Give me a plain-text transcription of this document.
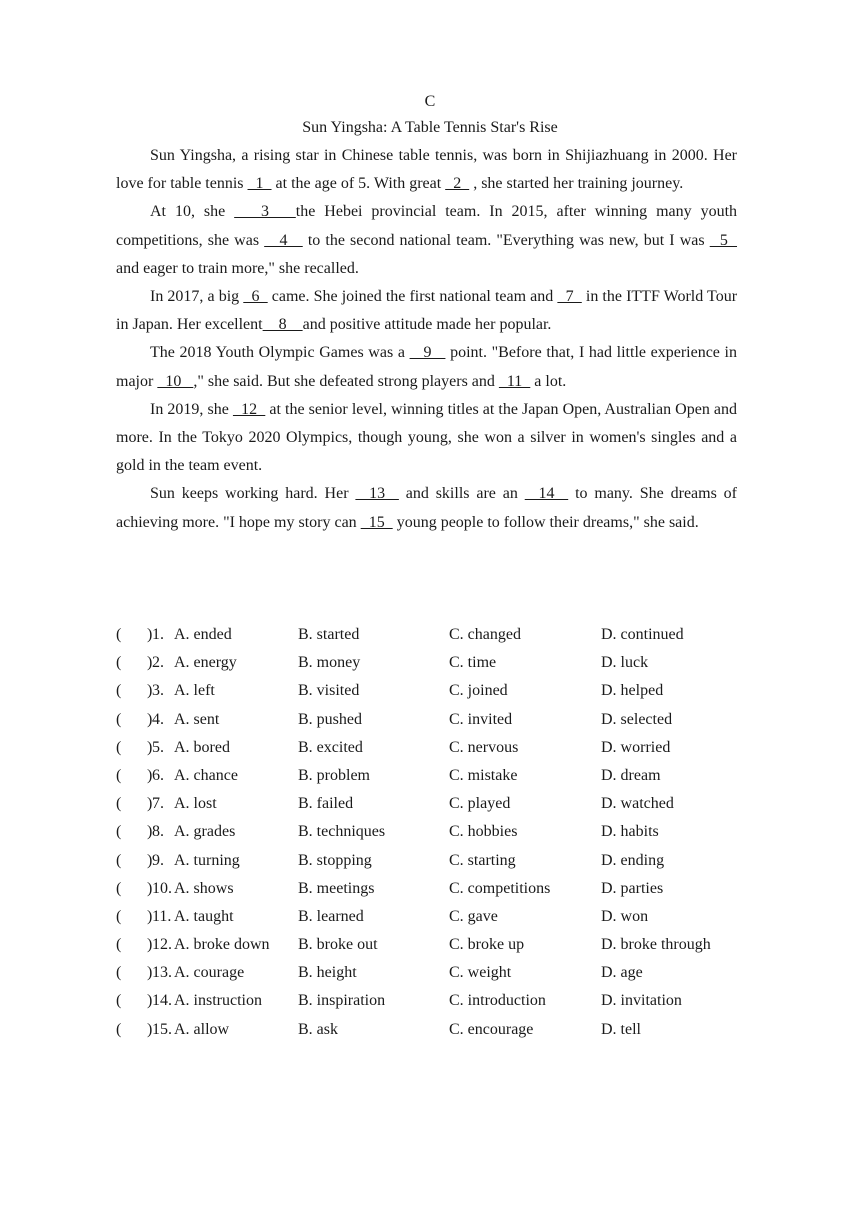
C
Sun Yingsha: A Table Tennis Star's Rise

Sun Yingsha, a rising star in Chinese table tennis, was born in Shijiazhuang in 2000. Her love for table tennis   1   at the age of 5. With great   2   , she started her training journey.

At 10, she    3   the Hebei provincial team. In 2015, after winning many youth competitions, she was    4    to the second national team. "Everything was new, but I was   5   and eager to train more," she recalled.

In 2017, a big   6   came. She joined the first national team and   7   in the ITTF World Tour in Japan. Her excellent    8    and positive attitude made her popular.

The 2018 Youth Olympic Games was a    9    point. "Before that, I had little experience in major   10   ," she said. But she defeated strong players and   11   a lot.

In 2019, she   12   at the senior level, winning titles at the Japan Open, Australian Open and more. In the Tokyo 2020 Olympics, though young, she won a silver in women's singles and a gold in the team event.

Sun keeps working hard. Her   13   and skills are an   14   to many. She dreams of achieving more. "I hope my story can   15   young people to follow their dreams," she said.

( ) 1. A. ended	B. started	C. changed	D. continued
( ) 2. A. energy	B. money	C. time	D. luck
( ) 3. A. left	B. visited	C. joined	D. helped
( ) 4. A. sent	B. pushed	C. invited	D. selected
( ) 5. A. bored	B. excited	C. nervous	D. worried
( ) 6. A. chance	B. problem	C. mistake	D. dream
( ) 7. A. lost	B. failed	C. played	D. watched
( ) 8. A. grades	B. techniques	C. hobbies	D. habits
( ) 9. A. turning	B. stopping	C. starting	D. ending
( ) 10. A. shows	B. meetings	C. competitions	D. parties
( ) 11. A. taught	B. learned	C. gave	D. won
( ) 12. A. broke down B. broke out	C. broke up	D. broke through
( ) 13. A. courage	B. height	C. weight	D. age
( ) 14. A. instruction B. inspiration	C. introduction	D. invitation
( ) 15. A. allow	B. ask	C. encourage	D. tell
